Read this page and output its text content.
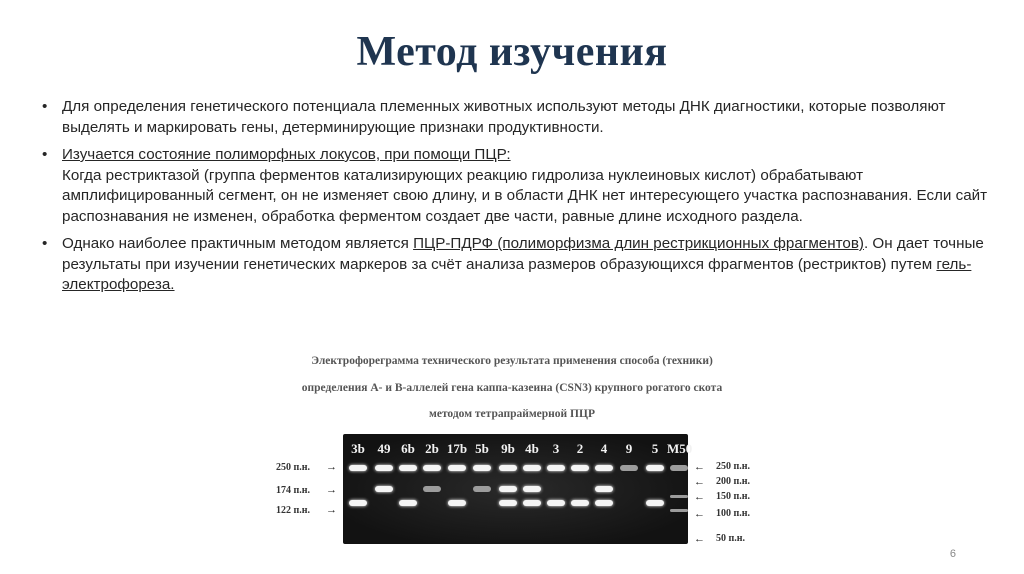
Метод изучения
• Для определения генетического потенциала племенных животных используют методы ДНК диагностики, которые позволяют выделять и маркировать гены, детерминирующие признаки продуктивности.
• Изучается состояние полиморфных локусов, при помощи ПЦР:
Когда рестриктазой (группа ферментов катализирующих реакцию гидролиза нуклеиновых кислот) обрабатывают амплифицированный сегмент, он не изменяет свою длину, и в области ДНК нет интересующего участка распознавания. Если сайт распознавания не изменен, обработка ферментом создает две части, равные длине исходного раздела.
• Однако наиболее практичным методом является ПЦР-ПДРФ (полиморфизма длин рестрикционных фрагментов). Он дает точные результаты при изучении генетических маркеров за счёт анализа размеров образующихся фрагментов (рестриктов) путем гель-электрофореза.
Электрофореграмма технического результата применения способа (техники)
определения A- и B-аллелей гена каппа-казеина (CSN3) крупного рогатого скота
методом тетрапраймерной ПЦР
3b 49 6b 2b 17b 5b 9b 4b	3	2	4	9	5 M50
250 п.н.
174 п.н.
122 п.н.
→
→
→
←
←
←
←
←
250 п.н.
200 п.н.
150 п.н.
100 п.н.
50 п.н.
6
